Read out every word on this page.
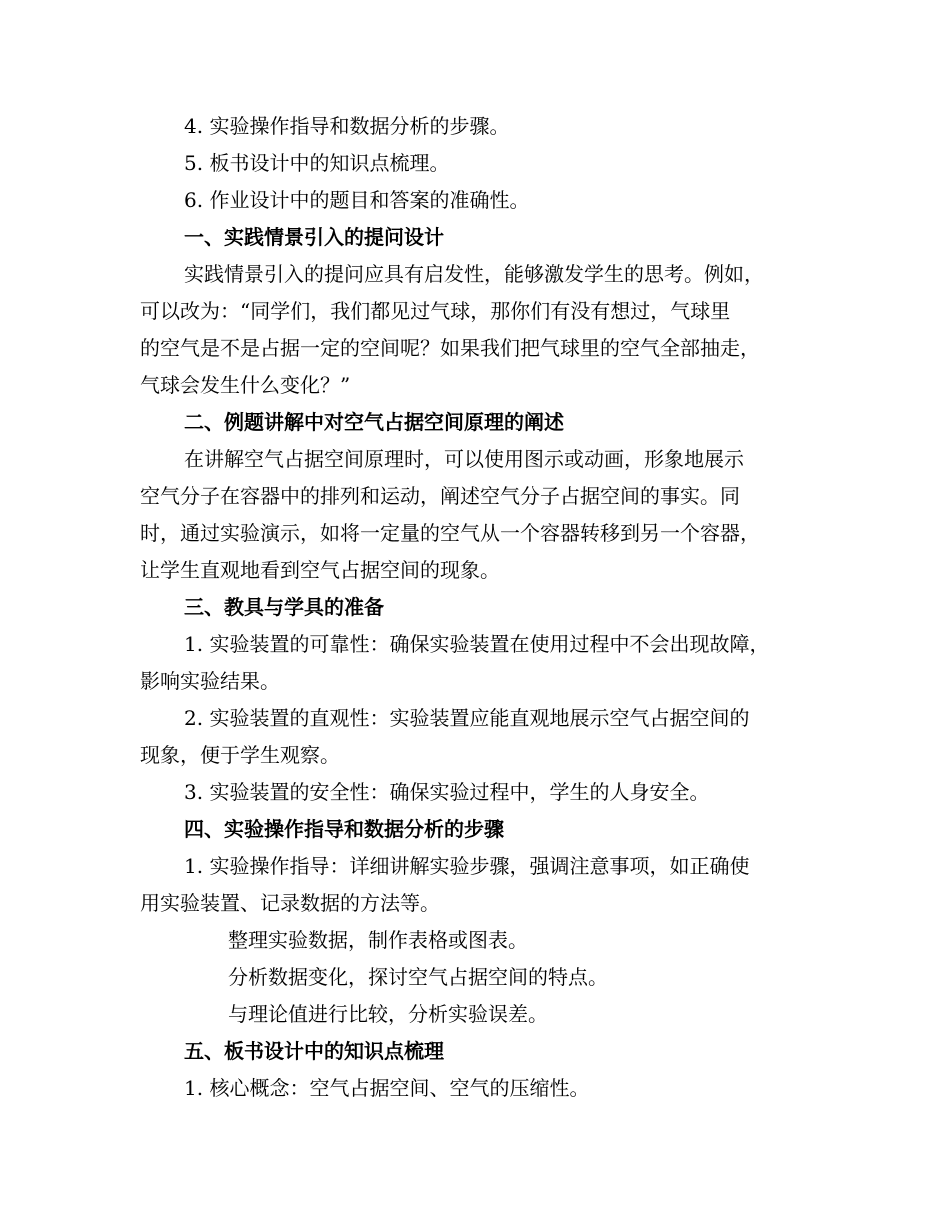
4. 实验操作指导和数据分析的步骤。
5. 板书设计中的知识点梳理。
6. 作业设计中的题目和答案的准确性。
一、实践情景引入的提问设计
实践情景引入的提问应具有启发性，能够激发学生的思考。例如，
可以改为：“同学们，我们都见过气球，那你们有没有想过，气球里
的空气是不是占据一定的空间呢？如果我们把气球里的空气全部抽走，
气球会发生什么变化？”
二、例题讲解中对空气占据空间原理的阐述
在讲解空气占据空间原理时，可以使用图示或动画，形象地展示
空气分子在容器中的排列和运动，阐述空气分子占据空间的事实。同
时，通过实验演示，如将一定量的空气从一个容器转移到另一个容器，
让学生直观地看到空气占据空间的现象。
三、教具与学具的准备
1. 实验装置的可靠性：确保实验装置在使用过程中不会出现故障，
影响实验结果。
2. 实验装置的直观性：实验装置应能直观地展示空气占据空间的
现象，便于学生观察。
3. 实验装置的安全性：确保实验过程中，学生的人身安全。
四、实验操作指导和数据分析的步骤
1. 实验操作指导：详细讲解实验步骤，强调注意事项，如正确使
用实验装置、记录数据的方法等。
整理实验数据，制作表格或图表。
分析数据变化，探讨空气占据空间的特点。
与理论值进行比较，分析实验误差。
五、板书设计中的知识点梳理
1. 核心概念：空气占据空间、空气的压缩性。
